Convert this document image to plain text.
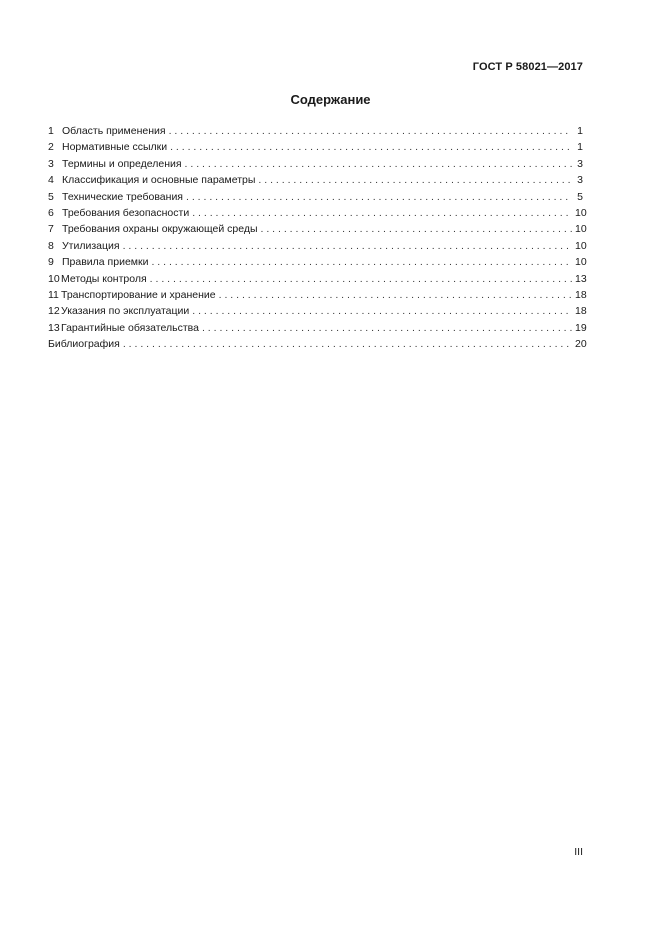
ГОСТ Р 58021—2017
Содержание
1 Область применения . . .	1
2 Нормативные ссылки . . .	1
3 Термины и определения . . .	3
4 Классификация и основные параметры . . .	3
5 Технические требования . . .	5
6 Требования безопасности . . .	10
7 Требования охраны окружающей среды . . .	10
8 Утилизация . . .	10
9 Правила приемки . . .	10
10 Методы контроля . . .	13
11 Транспортирование и хранение . . .	18
12 Указания по эксплуатации . . .	18
13 Гарантийные обязательства . . .	19
Библиография . . .	20
III
